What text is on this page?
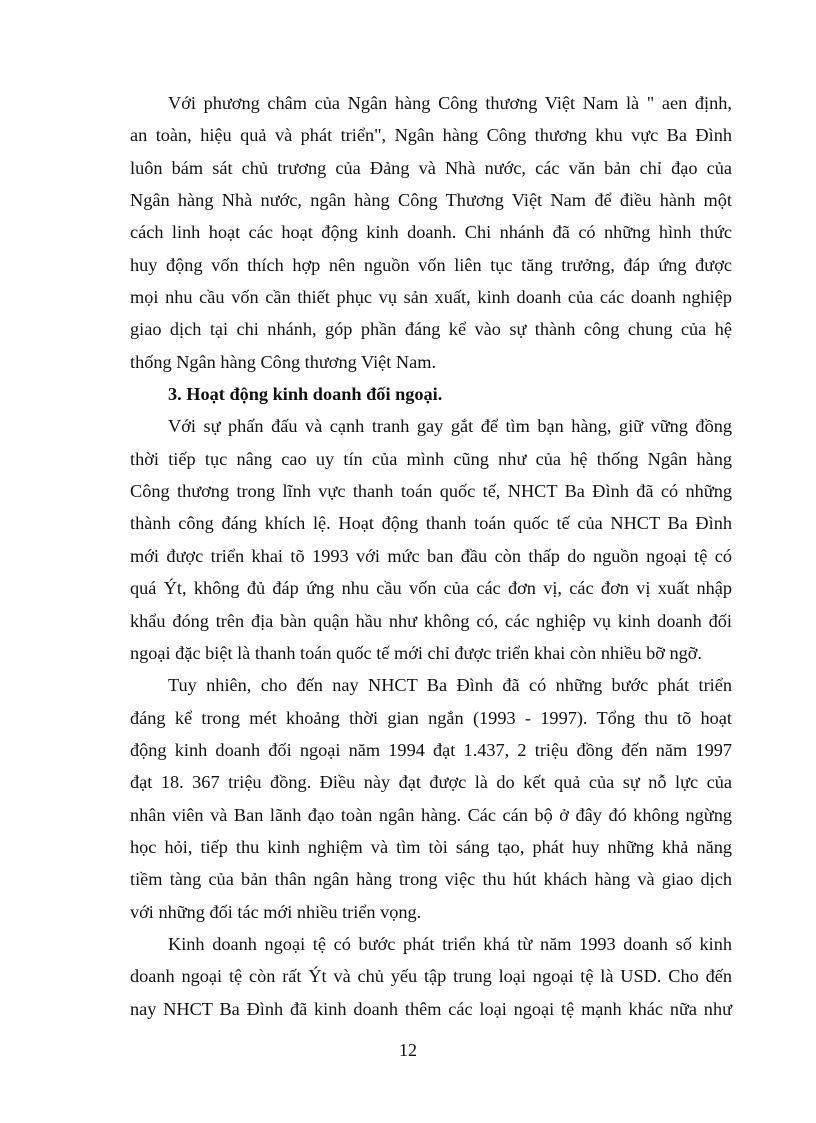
Với phương châm của Ngân hàng Công thương Việt Nam là " aen định,
an toàn, hiệu quả và phát triển", Ngân hàng Công thương khu vực Ba Đình
luôn bám sát chủ trương của Đảng và Nhà nước, các văn bản chỉ đạo của
Ngân hàng Nhà nước, ngân hàng Công Thương Việt Nam để điều hành một
cách linh hoạt các hoạt động kinh doanh. Chi nhánh đã có những hình thức
huy động vốn thích hợp nên nguồn vốn liên tục tăng trưởng, đáp ứng được
mọi nhu cầu vốn cần thiết phục vụ sản xuất, kinh doanh của các doanh nghiệp
giao dịch tại chi nhánh, góp phần đáng kể vào sự thành công chung của hệ
thống Ngân hàng Công thương Việt Nam.
3. Hoạt động kinh doanh đối ngoại.
Với sự phấn đấu và cạnh tranh gay gắt để tìm bạn hàng, giữ vững đồng
thời tiếp tục nâng cao uy tín của mình cũng như của hệ thống Ngân hàng
Công thương trong lĩnh vực thanh toán quốc tế, NHCT Ba Đình đã có những
thành công đáng khích lệ. Hoạt động thanh toán quốc tế của NHCT Ba Đình
mới được triển khai tõ 1993 với mức ban đầu còn thấp do nguồn ngoại tệ có
quá Ýt, không đủ đáp ứng nhu cầu vốn của các đơn vị, các đơn vị xuất nhập
khẩu đóng trên địa bàn quận hầu như không có, các nghiệp vụ kinh doanh đối
ngoại đặc biệt là thanh toán quốc tế mới chỉ được triển khai còn nhiều bỡ ngỡ.
Tuy nhiên, cho đến nay NHCT Ba Đình đã có những bước phát triển
đáng kể trong mét khoảng thời gian ngắn (1993 - 1997). Tổng thu tõ hoạt
động kinh doanh đối ngoại năm 1994 đạt 1.437, 2 triệu đồng đến năm 1997
đạt 18. 367 triệu đồng. Điều này đạt được là do kết quả của sự nỗ lực của
nhân viên và Ban lãnh đạo toàn ngân hàng. Các cán bộ ở đây đó không ngừng
học hỏi, tiếp thu kinh nghiệm và tìm tòi sáng tạo, phát huy những khả năng
tiềm tàng của bản thân ngân hàng trong việc thu hút khách hàng và giao dịch
với những đối tác mới nhiều triển vọng.
Kinh doanh ngoại tệ có bước phát triển khá từ năm 1993 doanh số kinh
doanh ngoại tệ còn rất Ýt và chủ yếu tập trung loại ngoại tệ là USD. Cho đến
nay NHCT Ba Đình đã kinh doanh thêm các loại ngoại tệ mạnh khác nữa như
12
